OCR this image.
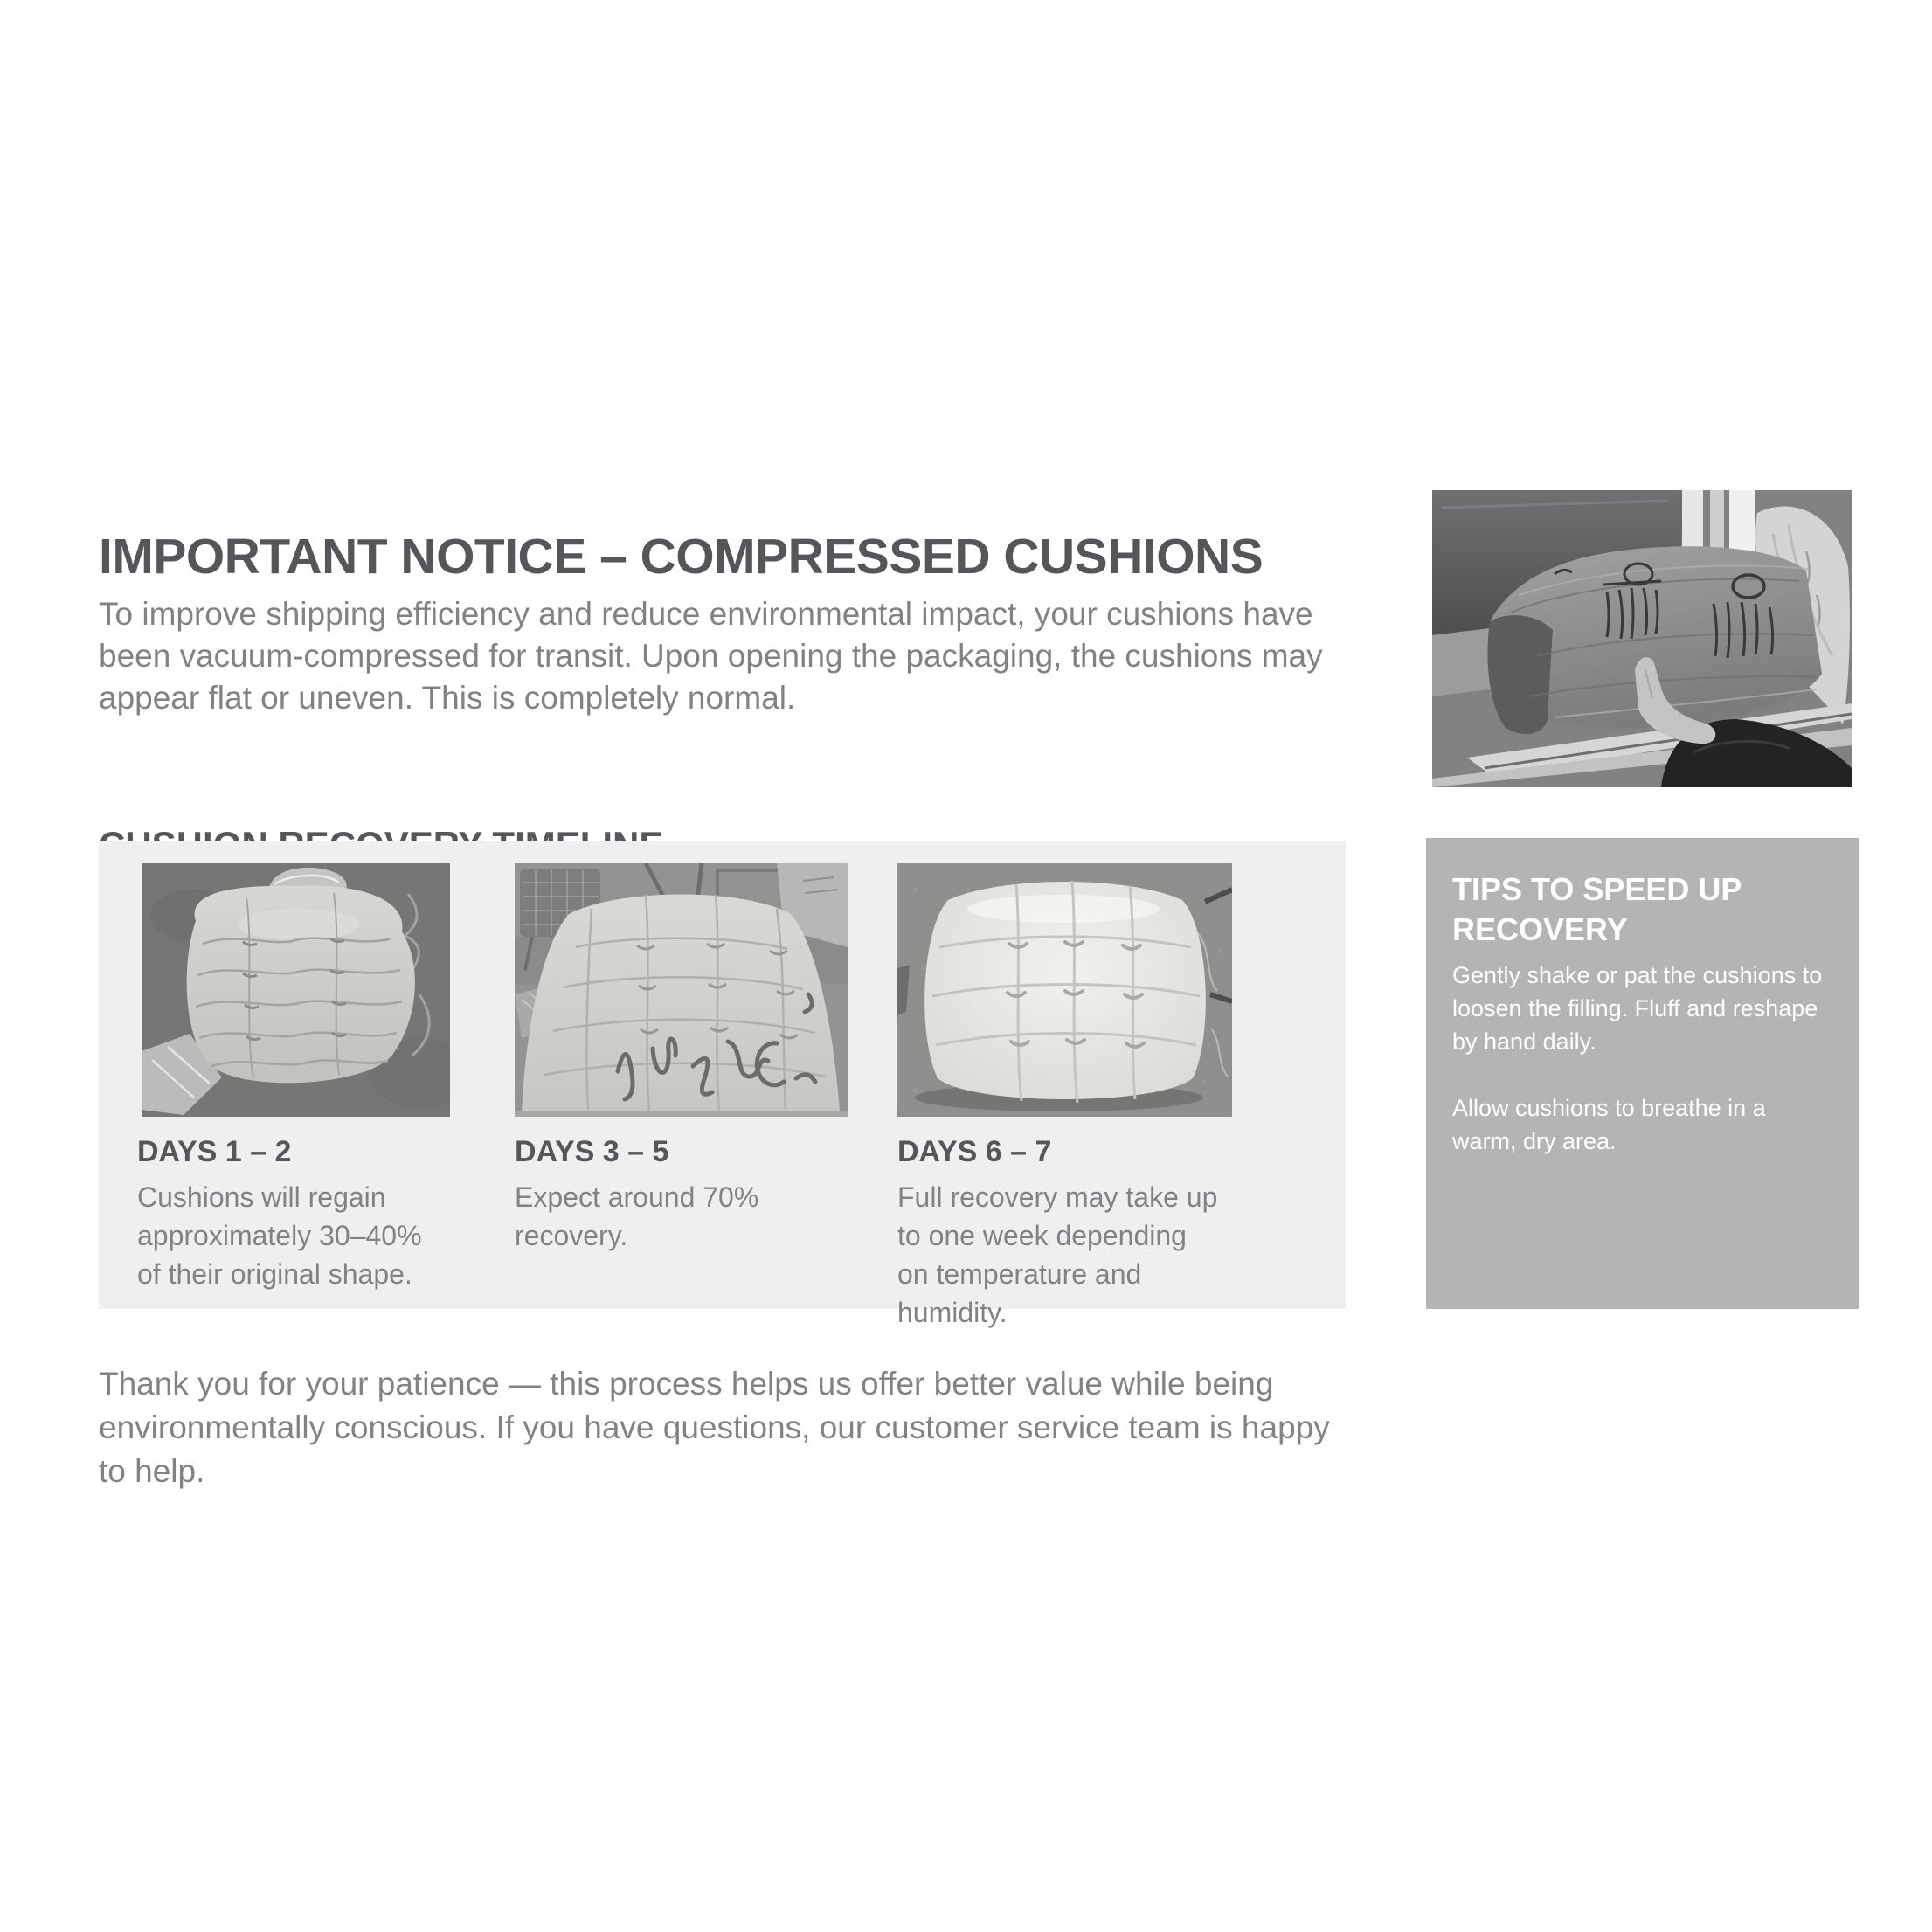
IMPORTANT NOTICE – COMPRESSED CUSHIONS

To improve shipping efficiency and reduce environmental impact, your cushions have been vacuum-compressed for transit. Upon opening the packaging, the cushions may appear flat or uneven. This is completely normal.

DAYS 1 – 2

Cushions will regain approximately 30–40% of their original shape.

DAYS 3 – 5

Expect around 70% recovery.

DAYS 6 – 7

Full recovery may take up to one week depending on temperature and humidity.

TIPS TO SPEED UP RECOVERY

Gently shake or pat the cushions to loosen the filling. Fluff and reshape by hand daily.

Allow cushions to breathe in a warm, dry area.

Thank you for your patience — this process helps us offer better value while being environmentally conscious. If you have questions, our customer service team is happy to help.
